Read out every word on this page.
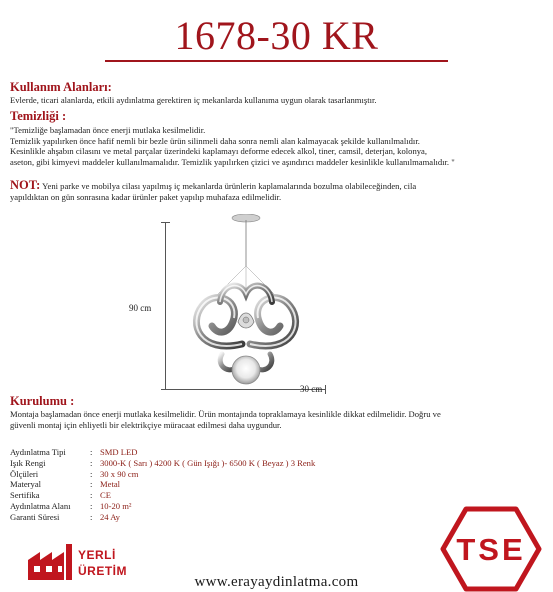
1678-30 KR
Kullanım Alanları:
Evlerde, ticari alanlarda, etkili aydınlatma gerektiren iç mekanlarda kullanıma uygun olarak tasarlanmıştır.
Temizliği :
"Temizliğe başlamadan önce enerji mutlaka kesilmelidir.
Temizlik yapılırken önce hafif nemli bir bezle ürün silinmeli daha sonra nemli alan kalmayacak şekilde kullanılmalıdır.
Kesinlikle ahşabın cilasını ve metal parçalar üzerindeki kaplamayı deforme edecek alkol, tiner, camsil, deterjan, kolonya,
aseton, gibi kimyevi maddeler kullanılmamalıdır. Temizlik yapılırken çizici ve aşındırıcı maddeler kesinlikle kullanılmamalıdır. "
NOT: Yeni parke ve mobilya cilası yapılmış iç mekanlarda ürünlerin kaplamalarında bozulma olabileceğinden, cila
yapıldıktan on gün sonrasına kadar ürünler paket yapılıp muhafaza edilmelidir.
90 cm
30 cm
Kurulumu :
Montaja başlamadan önce enerji mutlaka kesilmelidir. Ürün montajında topraklamaya kesinlikle dikkat edilmelidir. Doğru ve
güvenli montaj için ehliyetli bir elektrikçiye müracaat edilmesi daha uygundur.
Aydınlatma Tipi	: SMD LED
Işık Rengi	: 3000-K ( Sarı ) 4200 K ( Gün Işığı )- 6500 K ( Beyaz ) 3 Renk
Ölçüleri	: 30 x 90 cm
Materyal	: Metal
Sertifika	: CE
Aydınlatma Alanı : 10-20 m²
Garanti Süresi	: 24 Ay
YERLİ
ÜRETİM
www.erayaydinlatma.com
TSE
